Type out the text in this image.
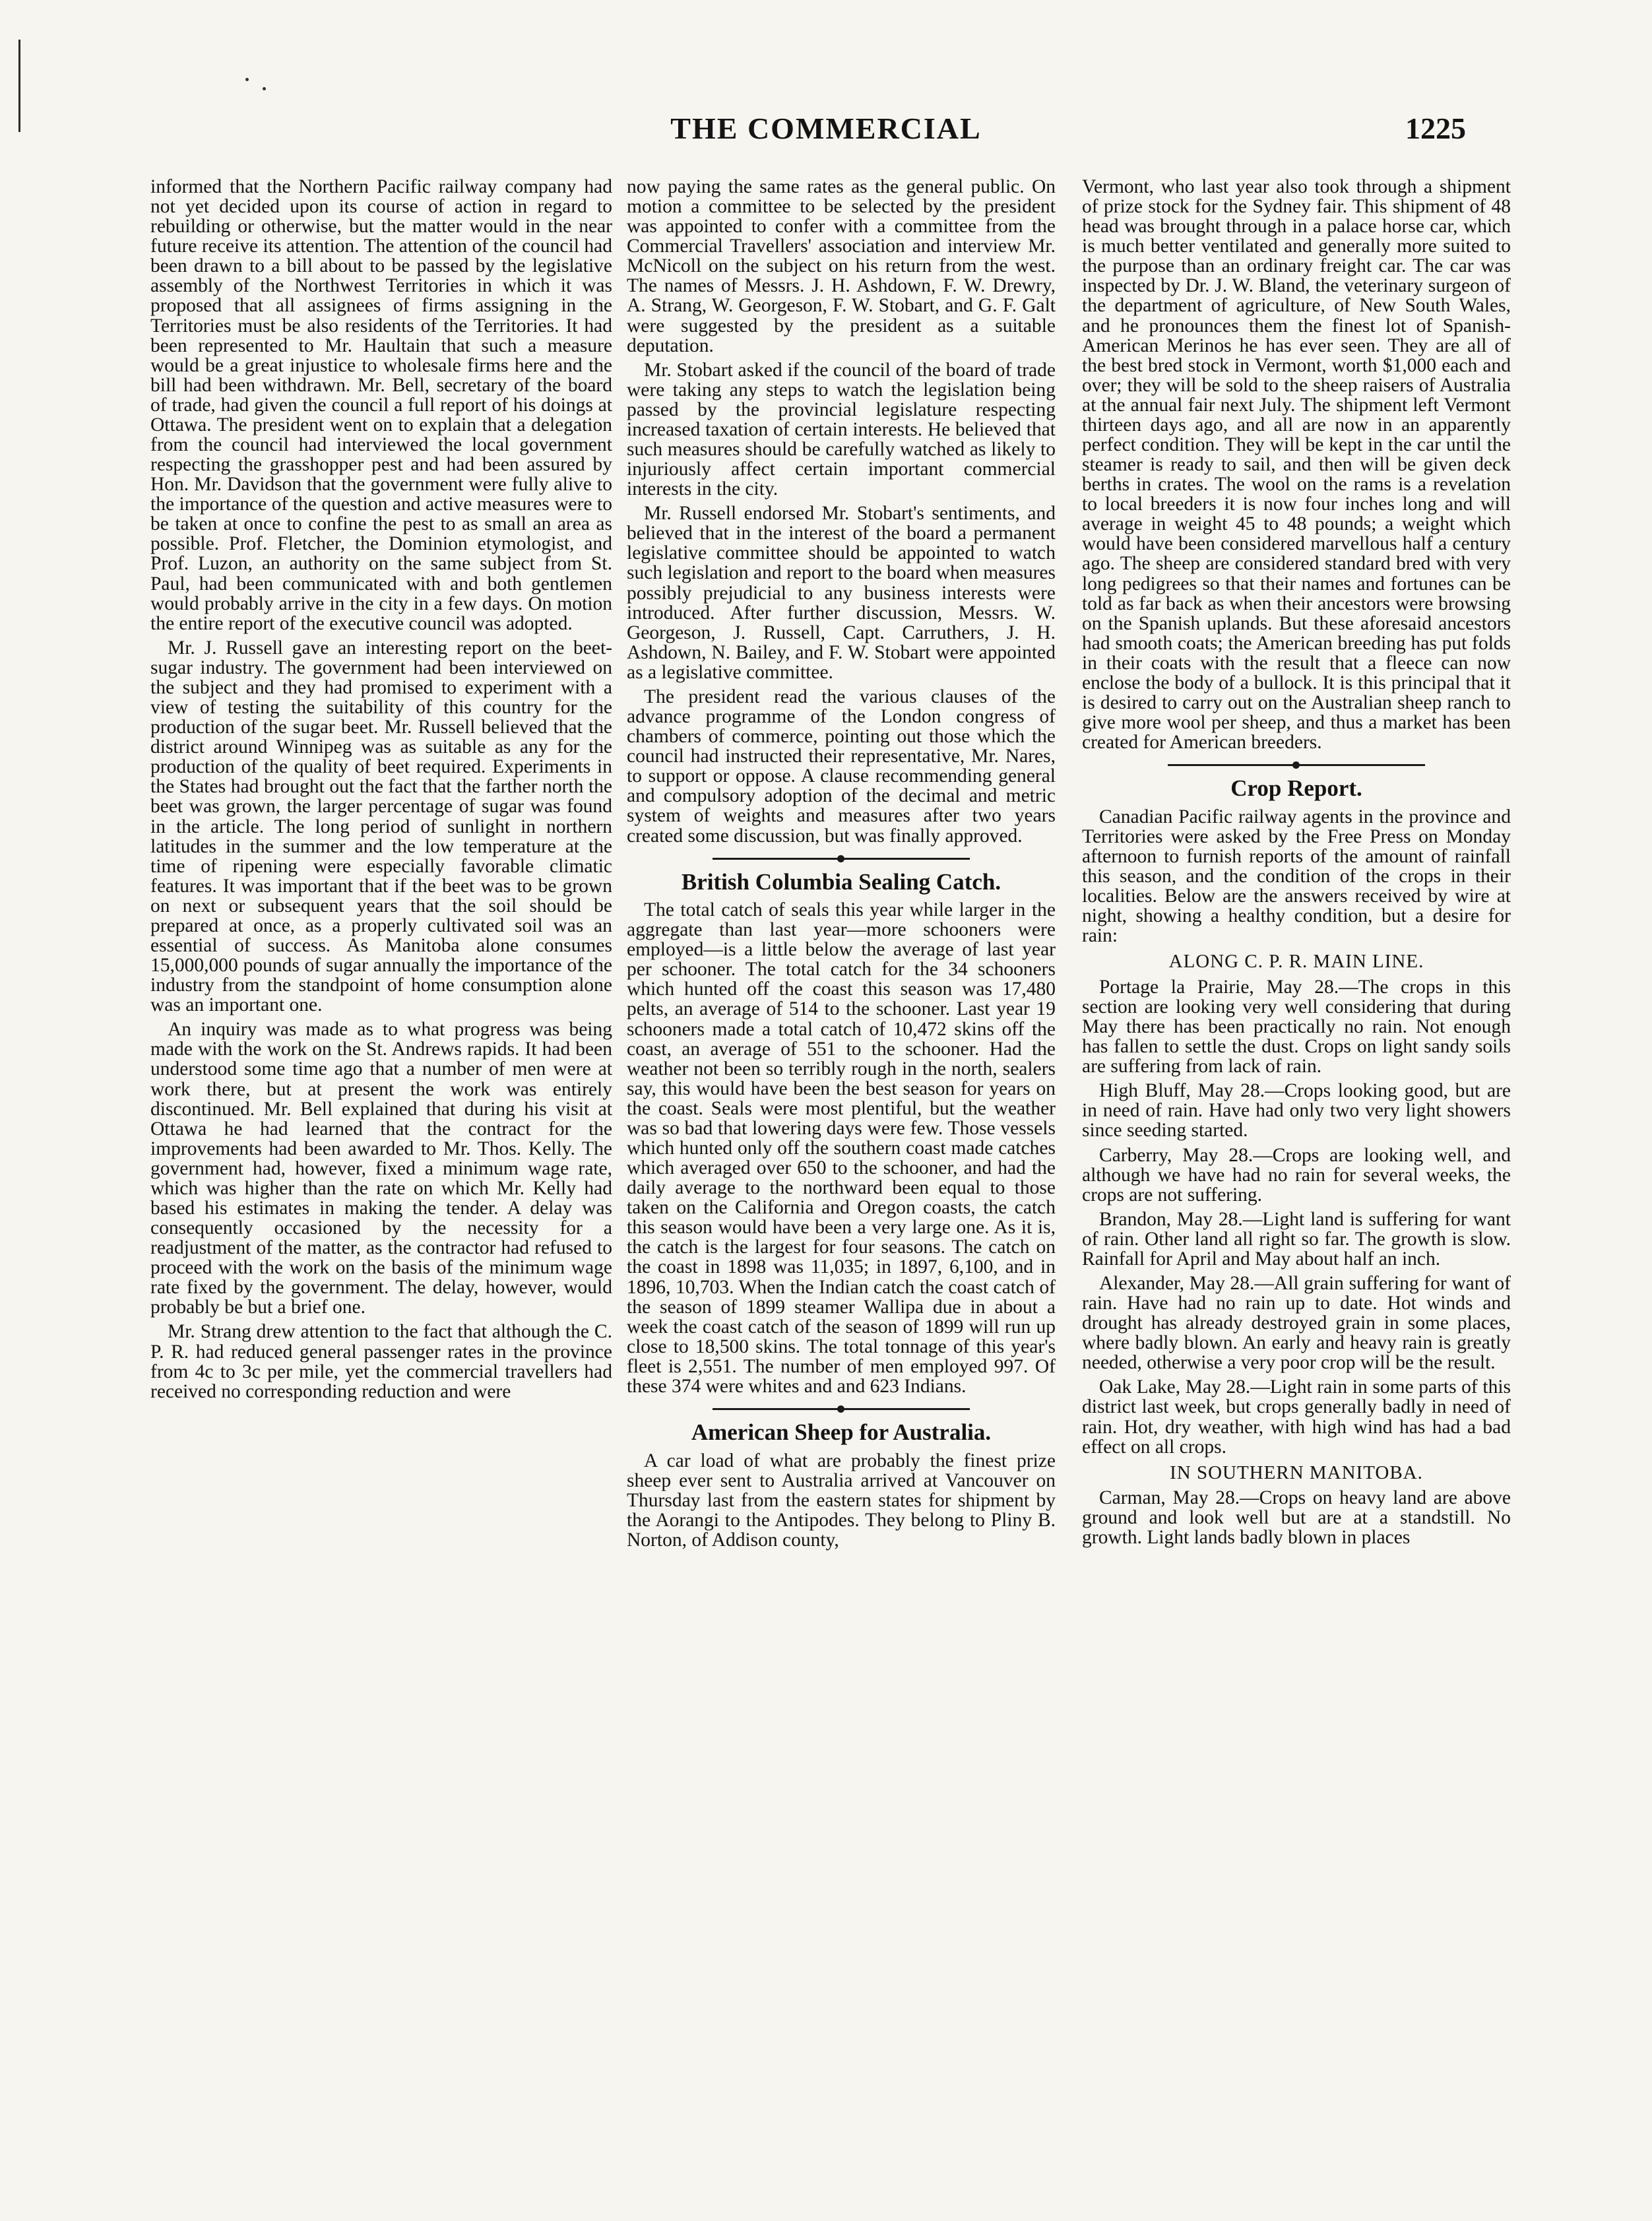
THE COMMERCIAL	1225

informed that the Northern Pacific railway company had not yet decided upon its course of action in regard to rebuilding or otherwise, but the matter would in the near future receive its attention. The attention of the council had been drawn to a bill about to be passed by the legislative assembly of the Northwest Territories in which it was proposed that all assignees of firms assigning in the Territories must be also residents of the Territories. It had been represented to Mr. Haultain that such a measure would be a great injustice to wholesale firms here and the bill had been withdrawn. Mr. Bell, secretary of the board of trade, had given the council a full report of his doings at Ottawa. The president went on to explain that a delegation from the council had interviewed the local government respecting the grasshopper pest and had been assured by Hon. Mr. Davidson that the government were fully alive to the importance of the question and active measures were to be taken at once to confine the pest to as small an area as possible. Prof. Fletcher, the Dominion etymologist, and Prof. Luzon, an authority on the same subject from St. Paul, had been communicated with and both gentlemen would probably arrive in the city in a few days. On motion the entire report of the executive council was adopted.

Mr. J. Russell gave an interesting report on the beet-sugar industry. The government had been interviewed on the subject and they had promised to experiment with a view of testing the suitability of this country for the production of the sugar beet. Mr. Russell believed that the district around Winnipeg was as suitable as any for the production of the quality of beet required. Experiments in the States had brought out the fact that the farther north the beet was grown, the larger percentage of sugar was found in the article. The long period of sunlight in northern latitudes in the summer and the low temperature at the time of ripening were especially favorable climatic features. It was important that if the beet was to be grown on next or subsequent years that the soil should be prepared at once, as a properly cultivated soil was an essential of success. As Manitoba alone consumes 15,000,000 pounds of sugar annually the importance of the industry from the standpoint of home consumption alone was an important one.

An inquiry was made as to what progress was being made with the work on the St. Andrews rapids. It had been understood some time ago that a number of men were at work there, but at present the work was entirely discontinued. Mr. Bell explained that during his visit at Ottawa he had learned that the contract for the improvements had been awarded to Mr. Thos. Kelly. The government had, however, fixed a minimum wage rate, which was higher than the rate on which Mr. Kelly had based his estimates in making the tender. A delay was consequently occasioned by the necessity for a readjustment of the matter, as the contractor had refused to proceed with the work on the basis of the minimum wage rate fixed by the government. The delay, however, would probably be but a brief one.

Mr. Strang drew attention to the fact that although the C. P. R. had reduced general passenger rates in the province from 4c to 3c per mile, yet the commercial travellers had received no corresponding reduction and were

now paying the same rates as the general public. On motion a committee to be selected by the president was appointed to confer with a committee from the Commercial Travellers' association and interview Mr. McNicoll on the subject on his return from the west. The names of Messrs. J. H. Ashdown, F. W. Drewry, A. Strang, W. Georgeson, F. W. Stobart, and G. F. Galt were suggested by the president as a suitable deputation.

Mr. Stobart asked if the council of the board of trade were taking any steps to watch the legislation being passed by the provincial legislature respecting increased taxation of certain interests. He believed that such measures should be carefully watched as likely to injuriously affect certain important commercial interests in the city.

Mr. Russell endorsed Mr. Stobart's sentiments, and believed that in the interest of the board a permanent legislative committee should be appointed to watch such legislation and report to the board when measures possibly prejudicial to any business interests were introduced. After further discussion, Messrs. W. Georgeson, J. Russell, Capt. Carruthers, J. H. Ashdown, N. Bailey, and F. W. Stobart were appointed as a legislative committee.

The president read the various clauses of the advance programme of the London congress of chambers of commerce, pointing out those which the council had instructed their representative, Mr. Nares, to support or oppose. A clause recommending general and compulsory adoption of the decimal and metric system of weights and measures after two years created some discussion, but was finally approved.

British Columbia Sealing Catch.

The total catch of seals this year while larger in the aggregate than last year—more schooners were employed—is a little below the average of last year per schooner. The total catch for the 34 schooners which hunted off the coast this season was 17,480 pelts, an average of 514 to the schooner. Last year 19 schooners made a total catch of 10,472 skins off the coast, an average of 551 to the schooner. Had the weather not been so terribly rough in the north, sealers say, this would have been the best season for years on the coast. Seals were most plentiful, but the weather was so bad that lowering days were few. Those vessels which hunted only off the southern coast made catches which averaged over 650 to the schooner, and had the daily average to the northward been equal to those taken on the California and Oregon coasts, the catch this season would have been a very large one. As it is, the catch is the largest for four seasons. The catch on the coast in 1898 was 11,035; in 1897, 6,100, and in 1896, 10,703. When the Indian catch the coast catch of the season of 1899 steamer Wallipa due in about a week the coast catch of the season of 1899 will run up close to 18,500 skins. The total tonnage of this year's fleet is 2,551. The number of men employed 997. Of these 374 were whites and and 623 Indians.

American Sheep for Australia.

A car load of what are probably the finest prize sheep ever sent to Australia arrived at Vancouver on Thursday last from the eastern states for shipment by the Aorangi to the Antipodes. They belong to Pliny B. Norton, of Addison county,

Vermont, who last year also took through a shipment of prize stock for the Sydney fair. This shipment of 48 head was brought through in a palace horse car, which is much better ventilated and generally more suited to the purpose than an ordinary freight car. The car was inspected by Dr. J. W. Bland, the veterinary surgeon of the department of agriculture, of New South Wales, and he pronounces them the finest lot of Spanish-American Merinos he has ever seen. They are all of the best bred stock in Vermont, worth $1,000 each and over; they will be sold to the sheep raisers of Australia at the annual fair next July. The shipment left Vermont thirteen days ago, and all are now in an apparently perfect condition. They will be kept in the car until the steamer is ready to sail, and then will be given deck berths in crates. The wool on the rams is a revelation to local breeders it is now four inches long and will average in weight 45 to 48 pounds; a weight which would have been considered marvellous half a century ago. The sheep are considered standard bred with very long pedigrees so that their names and fortunes can be told as far back as when their ancestors were browsing on the Spanish uplands. But these aforesaid ancestors had smooth coats; the American breeding has put folds in their coats with the result that a fleece can now enclose the body of a bullock. It is this principal that it is desired to carry out on the Australian sheep ranch to give more wool per sheep, and thus a market has been created for American breeders.

Crop Report.

Canadian Pacific railway agents in the province and Territories were asked by the Free Press on Monday afternoon to furnish reports of the amount of rainfall this season, and the condition of the crops in their localities. Below are the answers received by wire at night, showing a healthy condition, but a desire for rain:

ALONG C. P. R. MAIN LINE.

Portage la Prairie, May 28.—The crops in this section are looking very well considering that during May there has been practically no rain. Not enough has fallen to settle the dust. Crops on light sandy soils are suffering from lack of rain.

High Bluff, May 28.—Crops looking good, but are in need of rain. Have had only two very light showers since seeding started.

Carberry, May 28.—Crops are looking well, and although we have had no rain for several weeks, the crops are not suffering.

Brandon, May 28.—Light land is suffering for want of rain. Other land all right so far. The growth is slow. Rainfall for April and May about half an inch.

Alexander, May 28.—All grain suffering for want of rain. Have had no rain up to date. Hot winds and drought has already destroyed grain in some places, where badly blown. An early and heavy rain is greatly needed, otherwise a very poor crop will be the result.

Oak Lake, May 28.—Light rain in some parts of this district last week, but crops generally badly in need of rain. Hot, dry weather, with high wind has had a bad effect on all crops.

IN SOUTHERN MANITOBA.

Carman, May 28.—Crops on heavy land are above ground and look well but are at a standstill. No growth. Light lands badly blown in places
